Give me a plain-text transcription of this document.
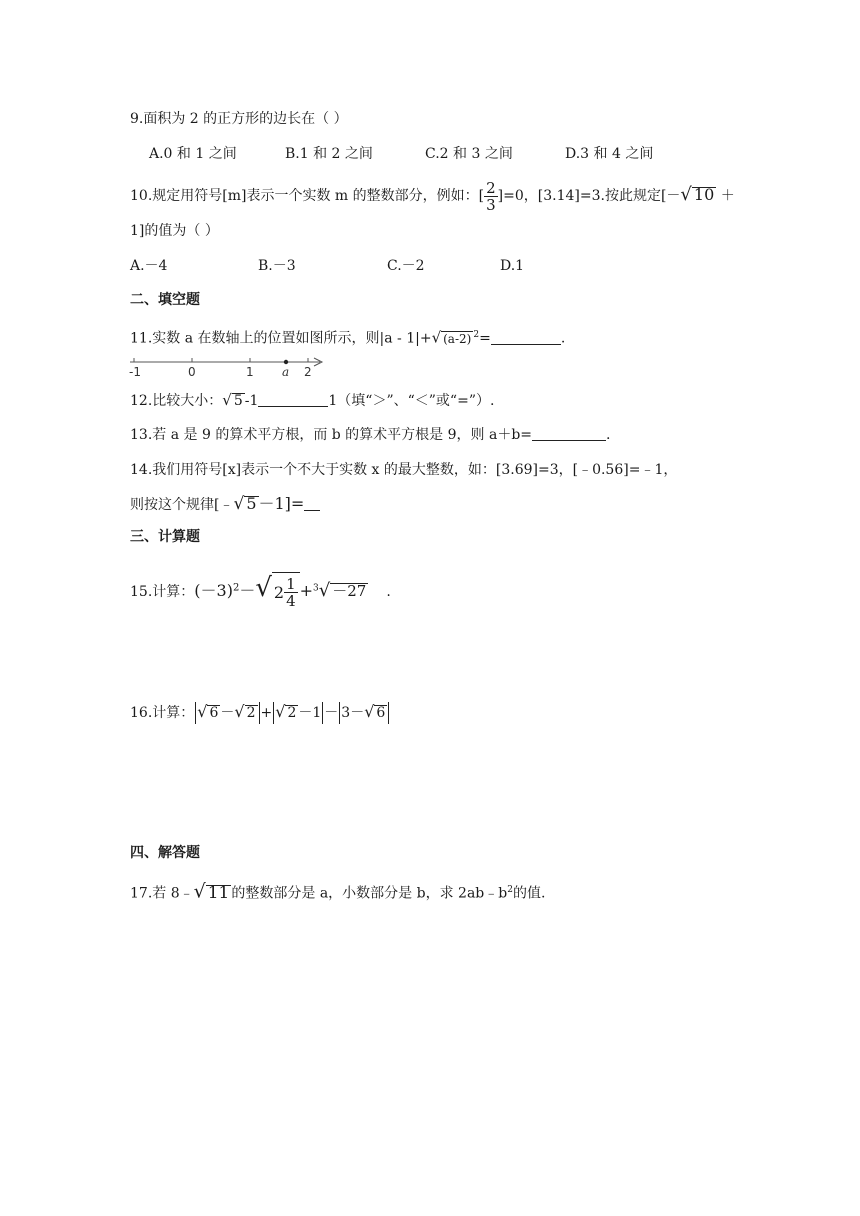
9.面积为 2 的正方形的边长在（ ）
A.0 和 1 之间	B.1 和 2 之间	C.2 和 3 之间	D.3 和 4 之间
10.规定用符号[m]表示一个实数 m 的整数部分，例如：[ $\frac{2}{3} ]=0$，[3.14]=3.按此规定[－√ 10 ＋
1]的值为（ ）
A.－4	B.－3	C.－2	D.1
二、填空题
11.实数 a 在数轴上的位置如图所示，则|a - 1|+√ (a-2) $^2$=	.
-1	0	1 a 2
12.比较大小：√ 5 -1	1（填“＞”、“＜”或“=”）.
13.若 a 是 9 的算术平方根，而 b 的算术平方根是 9，则 a＋b=	.
14.我们用符号[x]表示一个不大于实数 x 的最大整数，如：[3.69]=3，[﹣0.56]=﹣1，
则按这个规律[﹣√ 5 －1]=
三、计算题
15.计算：$(-3)^2-√$ $2 \frac{1}{4} +^3√ -27$ .
16.计算： √ 6 －√ 2 + √ 2 －1 － 3－√ 6
四、解答题
17.若 8﹣√ 11 的整数部分是 a，小数部分是 b，求 $2ab﹣b^2$的值.
